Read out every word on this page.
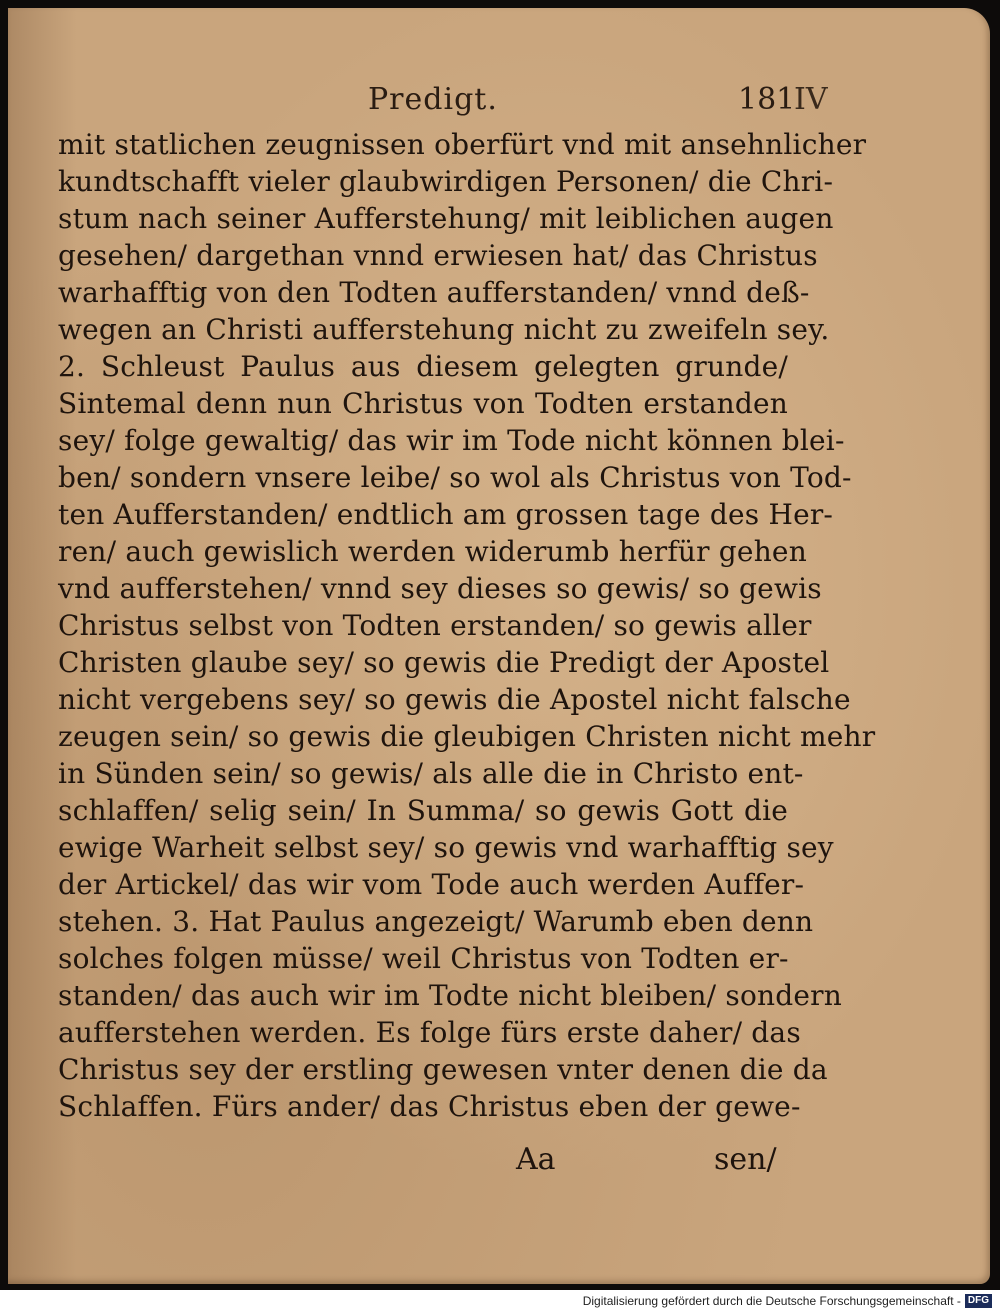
Predigt.	181
IV
mit statlichen zeugnissen oberfürt vnd mit ansehnlicher
kundtschafft vieler glaubwirdigen Personen/ die Chri-
stum nach seiner Aufferstehung/ mit leiblichen augen
gesehen/ dargethan vnnd erwiesen hat/ das Christus
warhafftig von den Todten aufferstanden/ vnnd deß-
wegen an Christi aufferstehung nicht zu zweifeln sey.
2. Schleust Paulus aus diesem gelegten grunde/
Sintemal denn nun Christus von Todten erstanden
sey/ folge gewaltig/ das wir im Tode nicht können blei-
ben/ sondern vnsere leibe/ so wol als Christus von Tod-
ten Aufferstanden/ endtlich am grossen tage des Her-
ren/ auch gewislich werden widerumb herfür gehen
vnd aufferstehen/ vnnd sey dieses so gewis/ so gewis
Christus selbst von Todten erstanden/ so gewis aller
Christen glaube sey/ so gewis die Predigt der Apostel
nicht vergebens sey/ so gewis die Apostel nicht falsche
zeugen sein/ so gewis die gleubigen Christen nicht mehr
in Sünden sein/ so gewis/ als alle die in Christo ent-
schlaffen/ selig sein/ In Summa/ so gewis Gott die
ewige Warheit selbst sey/ so gewis vnd warhafftig sey
der Artickel/ das wir vom Tode auch werden Auffer-
stehen. 3. Hat Paulus angezeigt/ Warumb eben denn
solches folgen müsse/ weil Christus von Todten er-
standen/ das auch wir im Todte nicht bleiben/ sondern
aufferstehen werden. Es folge fürs erste daher/ das
Christus sey der erstling gewesen vnter denen die da
Schlaffen. Fürs ander/ das Christus eben der gewe-
Aa	sen/
Digitalisierung gefördert durch die Deutsche Forschungsgemeinschaft - DFG
